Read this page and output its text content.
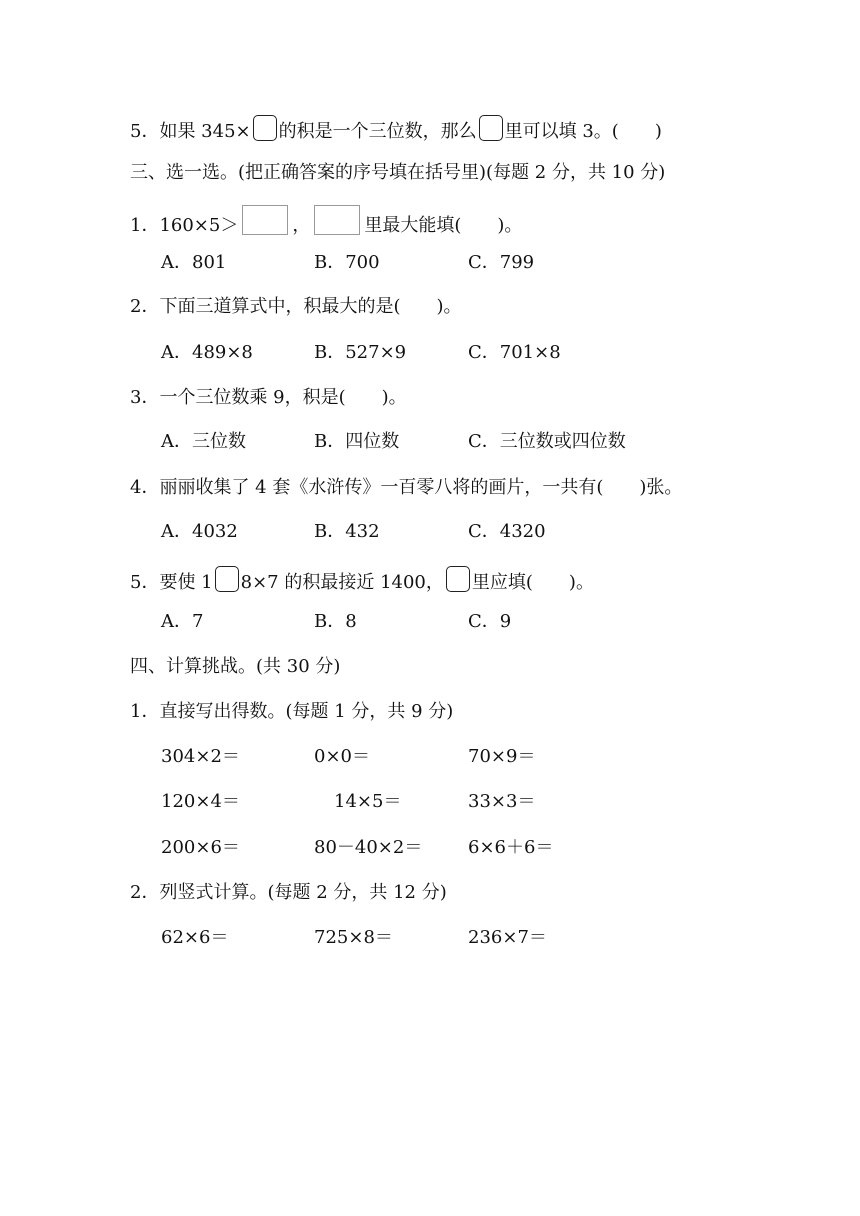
5．如果 345× 的积是一个三位数，那么 里可以填 3。( )
三、选一选。(把正确答案的序号填在括号里)(每题 2 分，共 10 分)
1．160×5＞	，	里最大能填( )。
A．801	B．700	C．799
2．下面三道算式中，积最大的是( )。
A．489×8	B．527×9	C．701×8
3．一个三位数乘 9，积是( )。
A．三位数	B．四位数	C．三位数或四位数
4．丽丽收集了 4 套《水浒传》一百零八将的画片，一共有( )张。
A．4032	B．432	C．4320
5．要使 1 8×7 的积最接近 1400， 里应填( )。
A．7	B．8	C．9
四、计算挑战。(共 30 分)
1．直接写出得数。(每题 1 分，共 9 分)
304×2＝	0×0＝	70×9＝
120×4＝	14×5＝	33×3＝
200×6＝	80－40×2＝	6×6＋6＝
2．列竖式计算。(每题 2 分，共 12 分)
62×6＝	725×8＝	236×7＝
